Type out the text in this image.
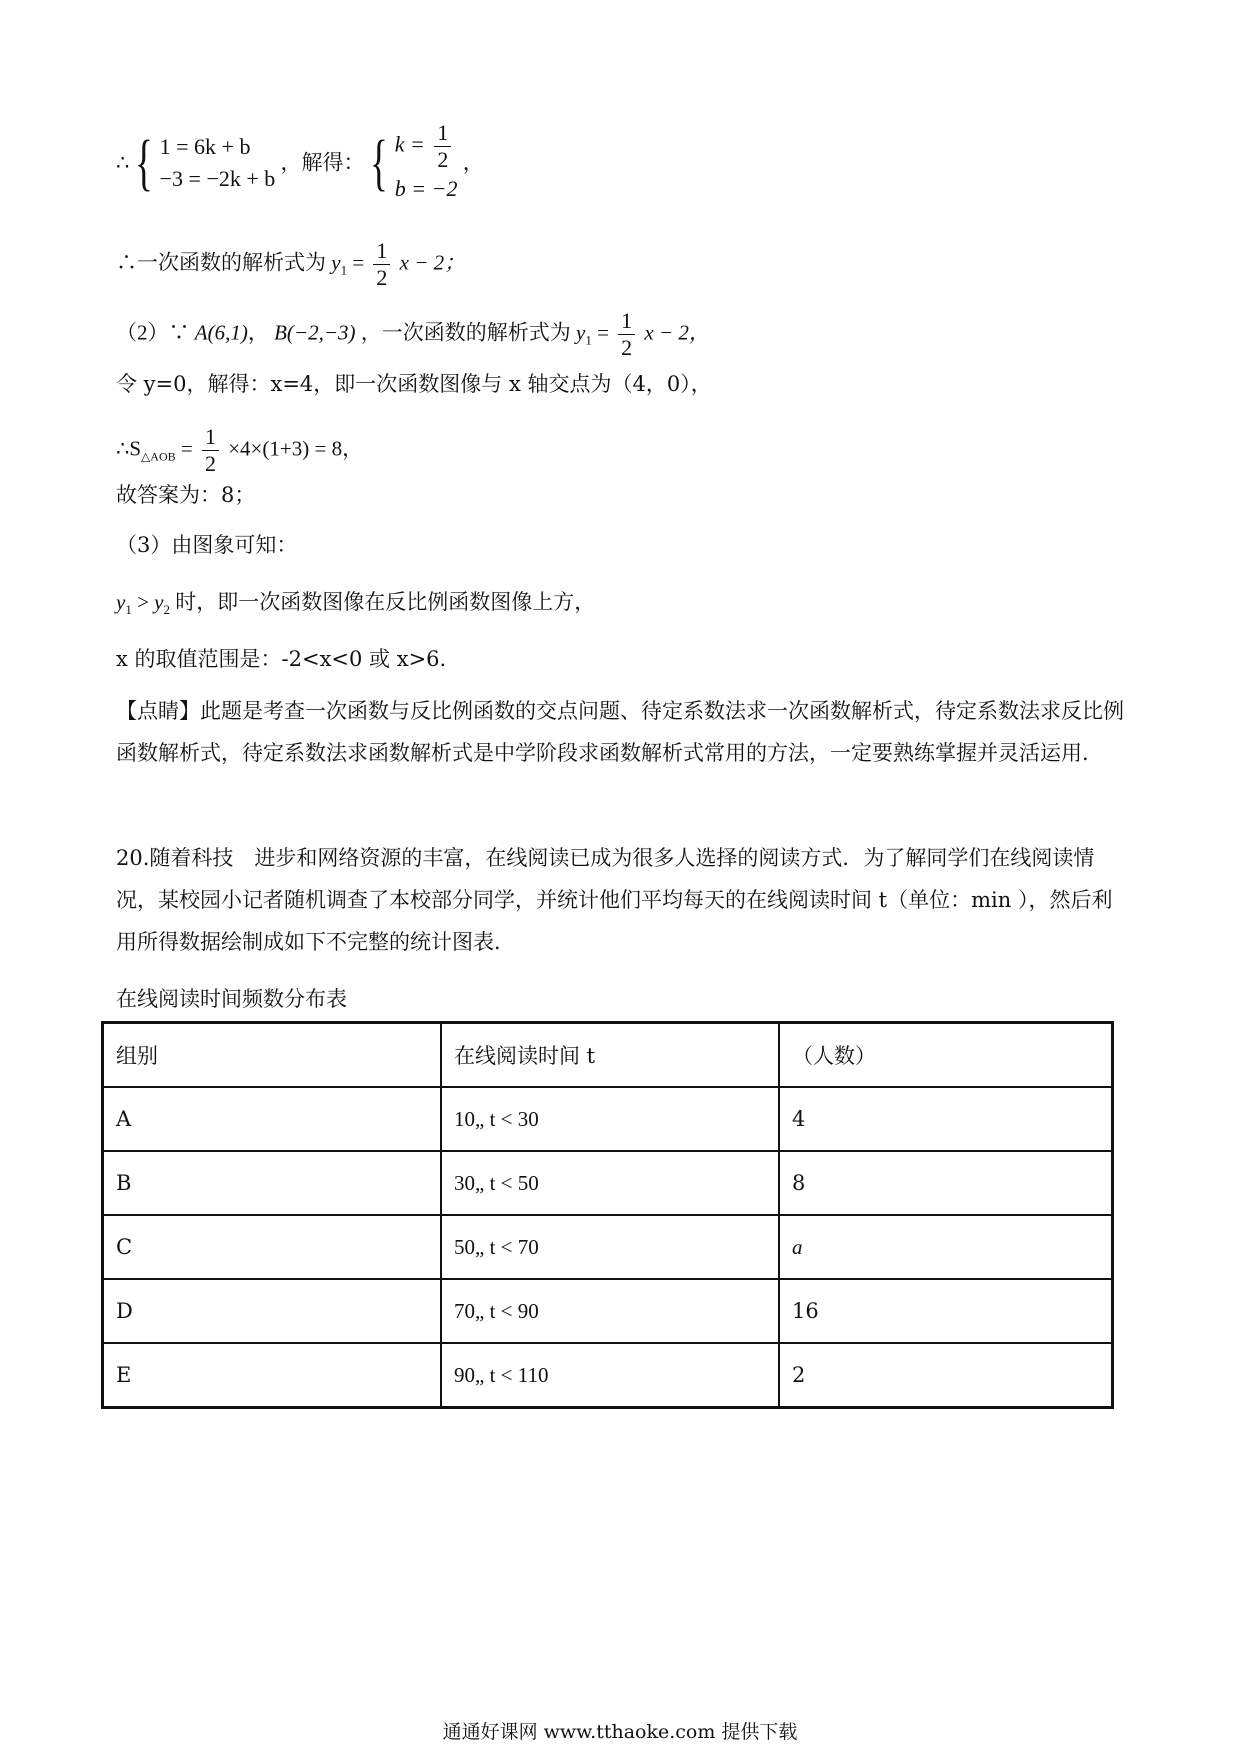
∴ { 1 = 6k + b
−3 = −2k + b
，解得： { $k = \frac{1}{2}$
b = −2
，
∴一次函数的解析式为 $y_1 = \frac{1}{2}$ x − 2；
（2）∵ A(6,1)， B(−2,−3) ，一次函数的解析式为 $y_1 = \frac{1}{2}$ x − 2，
令 y=0，解得：x=4，即一次函数图像与 x 轴交点为（4，0），
$\therefore S_{\triangle AOB} = \frac{1}{2} \times 4\times(1+3) = 8$，
故答案为：8；
（3）由图象可知：
$y_1 > y_2$ 时，即一次函数图像在反比例函数图像上方，
x 的取值范围是：-2<x<0 或 x>6.
【点睛】此题是考查一次函数与反比例函数的交点问题、待定系数法求一次函数解析式，待定系数法求反比例函数解析式，待定系数法求函数解析式是中学阶段求函数解析式常用的方法，一定要熟练掌握并灵活运用.
20.随着科技　进步和网络资源的丰富，在线阅读已成为很多人选择的阅读方式．为了解同学们在线阅读情况，某校园小记者随机调查了本校部分同学，并统计他们平均每天的在线阅读时间 t（单位：min ），然后利用所得数据绘制成如下不完整的统计图表．
在线阅读时间频数分布表
组别	在线阅读时间 t	（人数）
A	10„ t < 30	4
B	30„ t < 50	8
C	50„ t < 70	a
D	70„ t < 90	16
E	90„ t < 110	2
通通好课网 www.tthaoke.com 提供下载
